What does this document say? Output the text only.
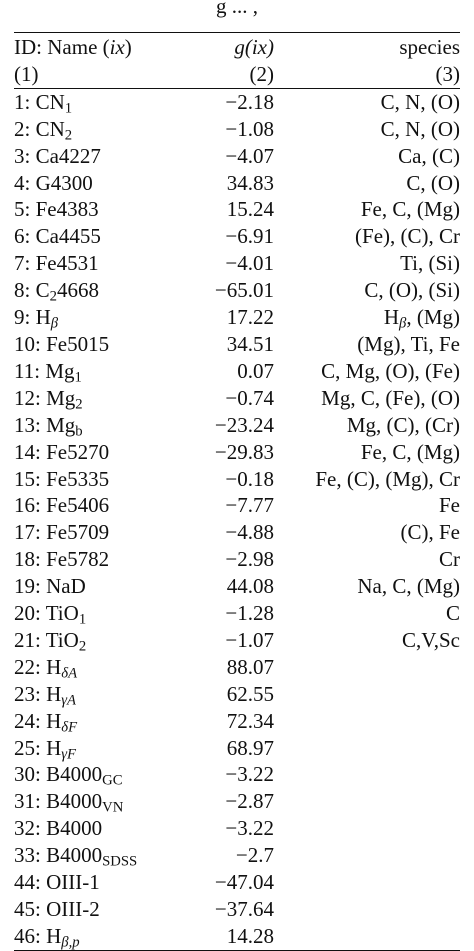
g ... ,
ID: Name (ix)	g(ix)	species
(1)	(2)	(3)
1: $CN_1$	−2.18	C, N, (O)
2: $CN_2$	−1.08	C, N, (O)
3: Ca4227	−4.07	Ca, (C)
4: G4300	34.83	C, (O)
5: Fe4383	15.24	Fe, C, (Mg)
6: Ca4455	−6.91	(Fe), (C), Cr
7: Fe4531	−4.01	Ti, (Si)
8: $C_24668$	−65.01	C, (O), (Si)
9: $H_\beta$	17.22	$H_\beta$, (Mg)
10: Fe5015	34.51	(Mg), Ti, Fe
11: $Mg_1$	0.07	C, Mg, (O), (Fe)
12: $Mg_2$	−0.74	Mg, C, (Fe), (O)
13: $Mg_b$	−23.24	Mg, (C), (Cr)
14: Fe5270	−29.83	Fe, C, (Mg)
15: Fe5335	−0.18	Fe, (C), (Mg), Cr
16: Fe5406	−7.77	Fe
17: Fe5709	−4.88	(C), Fe
18: Fe5782	−2.98	Cr
19: NaD	44.08	Na, C, (Mg)
20: TiO$_1$	−1.28	C
21: TiO$_2$	−1.07	C,V,Sc
22: $H_{\delta A}$	88.07	
23: $H_{\gamma A}$	62.55	
24: $H_{\delta F}$	72.34	
25: $H_{\gamma F}$	68.97	
30: $B4000_{GC}$	−3.22	
31: $B4000_{VN}$	−2.87	
32: B4000	−3.22	
33: $B4000_{SDSS}$	−2.7	
44: OIII-1	−47.04	
45: OIII-2	−37.64	
46: $H_{\beta,p}$	14.28	
